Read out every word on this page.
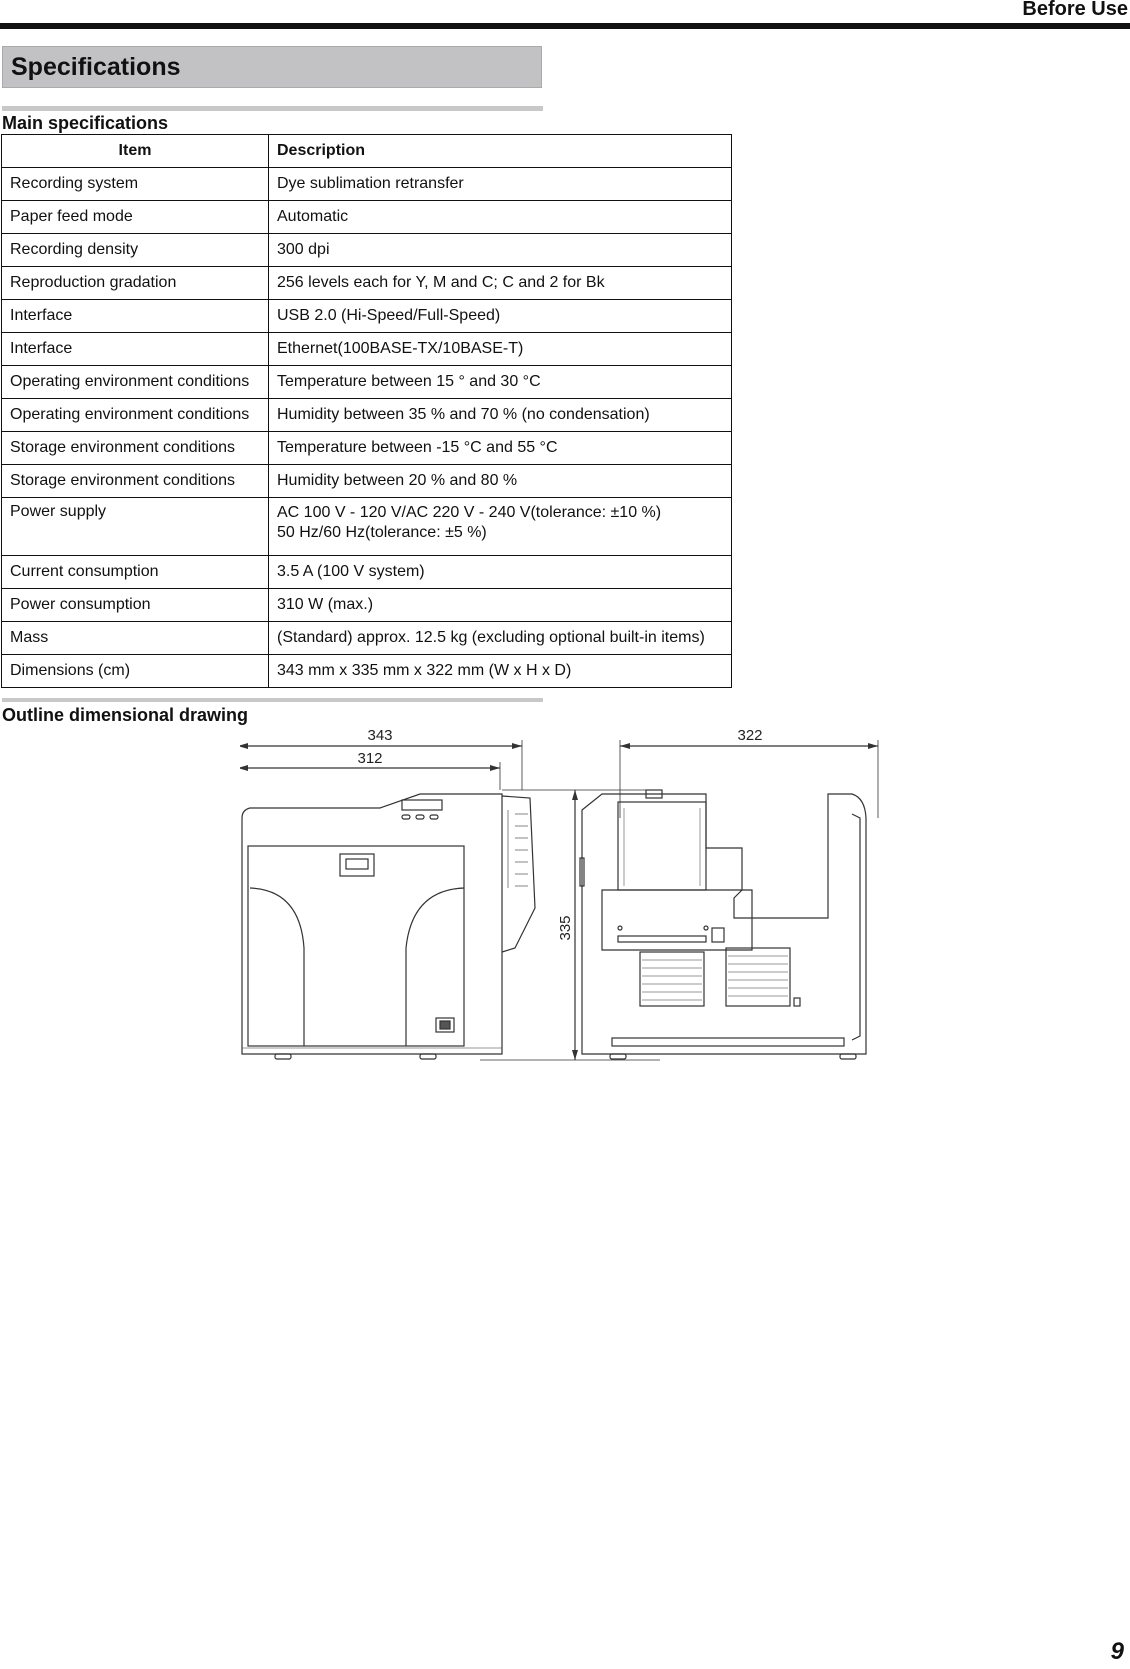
Before Use
Specifications
Main specifications
Item	Description
Recording system	Dye sublimation retransfer
Paper feed mode	Automatic
Recording density	300 dpi
Reproduction gradation	256 levels each for Y, M and C; C and 2 for Bk
Interface	USB 2.0 (Hi-Speed/Full-Speed)
Interface	Ethernet(100BASE-TX/10BASE-T)
Operating environment conditions	Temperature between 15 ° and 30 °C
Operating environment conditions	Humidity between 35 % and 70 % (no condensation)
Storage environment conditions	Temperature between -15 °C and 55 °C
Storage environment conditions	Humidity between 20 % and 80 %
Power supply	AC 100 V - 120 V/AC 220 V - 240 V(tolerance: ±10 %)
50 Hz/60 Hz(tolerance: ±5 %)

Current consumption	3.5 A (100 V system)
Power consumption	310 W (max.)
Mass	(Standard) approx. 12.5 kg (excluding optional built-in items)
Dimensions (cm)	343 mm x 335 mm x 322 mm (W x H x D)
Outline dimensional drawing
343
312
322
335
9
